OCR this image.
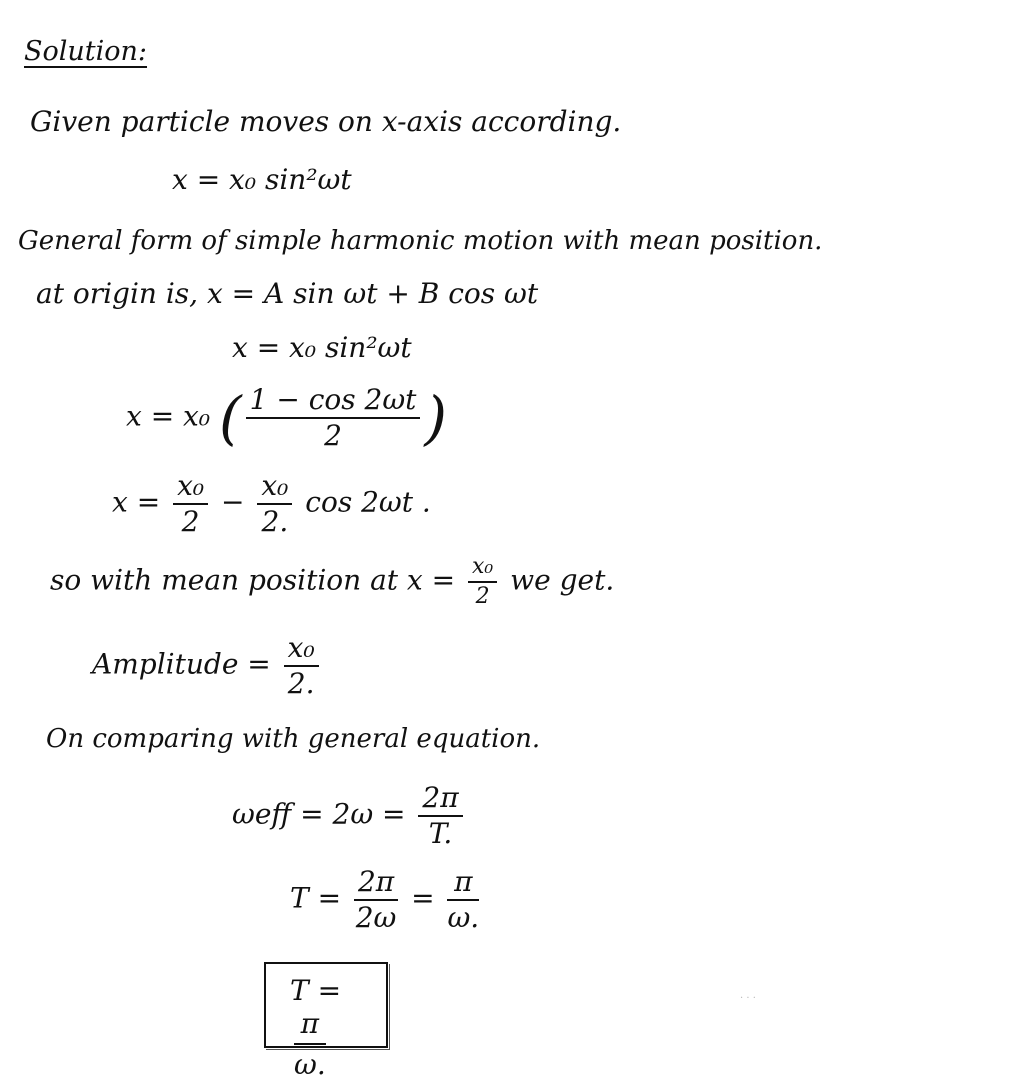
Solution:
Given particle moves on x-axis according.
x = x₀ sin²ωt
General form of simple harmonic motion with mean position.
at origin is, x = A sin ωt + B cos ωt
x = x₀ sin²ωt
x = x₀ ( $\frac{1 - \cos 2\omega t}{2}$ )
$x = \frac{\text{x₀}}{2} - \frac{\text{x₀}}{2.}$ cos 2ωt .
so with mean position at $x = \frac{\text{x₀}}{2}$ we get.
Amplitude = $\frac{\text{x₀}}{2.}$
On comparing with general equation.
$\omega eff = 2\omega = \frac{2\pi}{T.}$
$T = \frac{2\pi}{2\omega} = \frac{\pi}{\omega.}$
⋮ T =
$\frac{\pi}{\omega.}$
· · ·
